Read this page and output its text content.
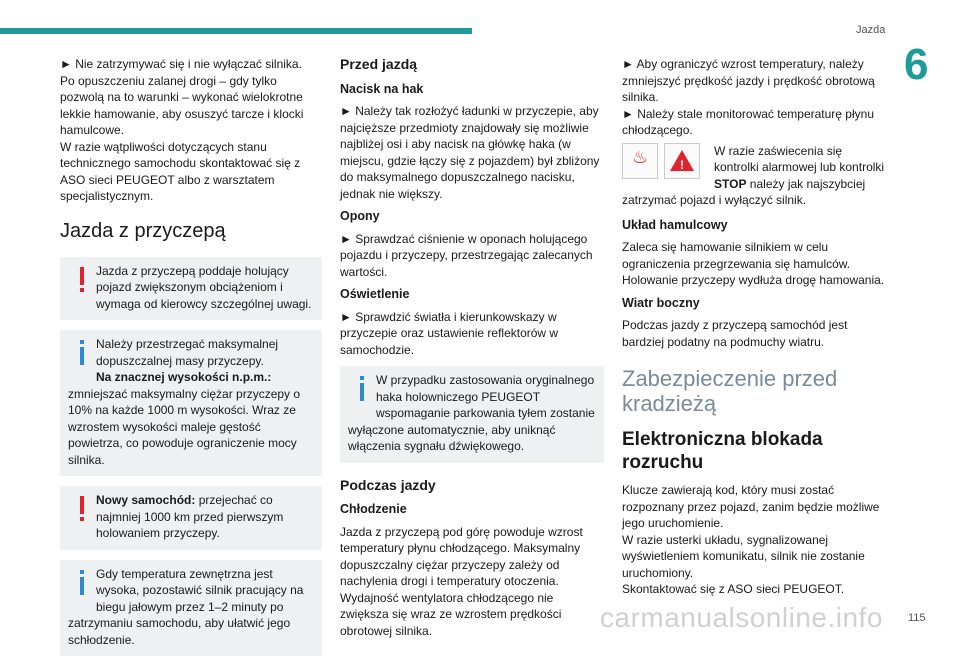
Jazda
6

► Nie zatrzymywać się i nie wyłączać silnika.

Po opuszczeniu zalanej drogi – gdy tylko pozwolą na to warunki – wykonać wielokrotne lekkie hamowanie, aby osuszyć tarcze i klocki hamulcowe.

W razie wątpliwości dotyczących stanu technicznego samochodu skontaktować się z ASO sieci PEUGEOT albo z warsztatem specjalistycznym.

Jazda z przyczepą

Jazda z przyczepą poddaje holujący pojazd zwiększonym obciążeniom i wymaga od kierowcy szczególnej uwagi.

Należy przestrzegać maksymalnej dopuszczalnej masy przyczepy.
Na znacznej wysokości n.p.m.: zmniejszać maksymalny ciężar przyczepy o 10% na każde 1000 m wysokości. Wraz ze wzrostem wysokości maleje gęstość powietrza, co powoduje ograniczenie mocy silnika.

Nowy samochód: przejechać co najmniej 1000 km przed pierwszym holowaniem przyczepy.

Gdy temperatura zewnętrzna jest wysoka, pozostawić silnik pracujący na biegu jałowym przez 1–2 minuty po zatrzymaniu samochodu, aby ułatwić jego schłodzenie.

Przed jazdą
Nacisk na hak

► Należy tak rozłożyć ładunki w przyczepie, aby najcięższe przedmioty znajdowały się możliwie najbliżej osi i aby nacisk na główkę haka (w miejscu, gdzie łączy się z pojazdem) był zbliżony do maksymalnego dopuszczalnego nacisku, jednak nie większy.

Opony

► Sprawdzać ciśnienie w oponach holującego pojazdu i przyczepy, przestrzegając zalecanych wartości.

Oświetlenie

► Sprawdzić światła i kierunkowskazy w przyczepie oraz ustawienie reflektorów w samochodzie.

W przypadku zastosowania oryginalnego haka holowniczego PEUGEOT wspomaganie parkowania tyłem zostanie wyłączone automatycznie, aby uniknąć włączenia sygnału dźwiękowego.

Podczas jazdy
Chłodzenie

Jazda z przyczepą pod górę powoduje wzrost temperatury płynu chłodzącego. Maksymalny dopuszczalny ciężar przyczepy zależy od nachylenia drogi i temperatury otoczenia. Wydajność wentylatora chłodzącego nie zwiększa się wraz ze wzrostem prędkości obrotowej silnika.

► Aby ograniczyć wzrost temperatury, należy zmniejszyć prędkość jazdy i prędkość obrotową silnika.

► Należy stale monitorować temperaturę płynu chłodzącego.

♨	!

W razie zaświecenia się kontrolki alarmowej lub kontrolki STOP należy jak najszybciej zatrzymać pojazd i wyłączyć silnik.

Układ hamulcowy

Zaleca się hamowanie silnikiem w celu ograniczenia przegrzewania się hamulców. Holowanie przyczepy wydłuża drogę hamowania.

Wiatr boczny

Podczas jazdy z przyczepą samochód jest bardziej podatny na podmuchy wiatru.

Zabezpieczenie przed kradzieżą
Elektroniczna blokada rozruchu

Klucze zawierają kod, który musi zostać rozpoznany przez pojazd, zanim będzie możliwe jego uruchomienie.

W razie usterki układu, sygnalizowanej wyświetleniem komunikatu, silnik nie zostanie uruchomiony.

Skontaktować się z ASO sieci PEUGEOT.

carmanualsonline.info 115
